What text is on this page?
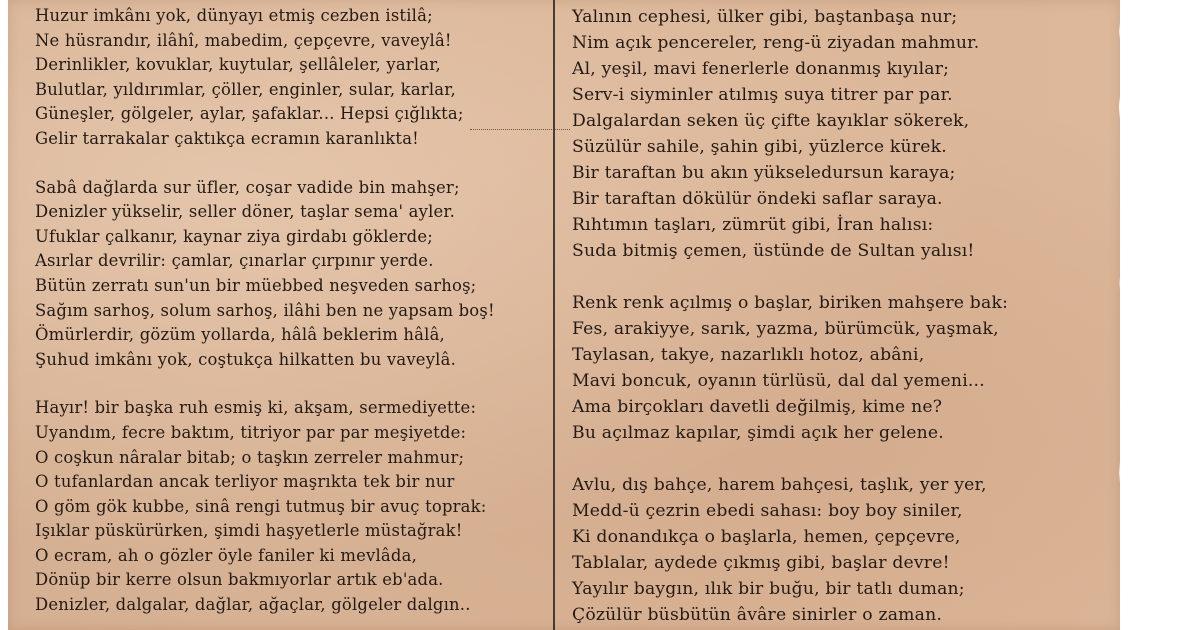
Huzur imkânı yok, dünyayı etmiş cezben istilâ;
Ne hüsrandır, ilâhî, mabedim, çepçevre, vaveylâ!
Derinlikler, kovuklar, kuytular, şellâleler, yarlar,
Bulutlar, yıldırımlar, çöller, enginler, sular, karlar,
Güneşler, gölgeler, aylar, şafaklar... Hepsi çığlıkta;
Gelir tarrakalar çaktıkça ecramın karanlıkta!
Sabâ dağlarda sur üfler, coşar vadide bin mahşer;
Denizler yükselir, seller döner, taşlar sema' ayler.
Ufuklar çalkanır, kaynar ziya girdabı göklerde;
Asırlar devrilir: çamlar, çınarlar çırpınır yerde.
Bütün zerratı sun'un bir müebbed neşveden sarhoş;
Sağım sarhoş, solum sarhoş, ilâhi ben ne yapsam boş!
Ömürlerdir, gözüm yollarda, hâlâ beklerim hâlâ,
Şuhud imkânı yok, coştukça hilkatten bu vaveylâ.
Hayır! bir başka ruh esmiş ki, akşam, sermediyette:
Uyandım, fecre baktım, titriyor par par meşiyetde:
O coşkun nâralar bitab; o taşkın zerreler mahmur;
O tufanlardan ancak terliyor maşrıkta tek bir nur
O göm gök kubbe, sinâ rengi tutmuş bir avuç toprak:
Işıklar püskürürken, şimdi haşyetlerle müstağrak!
O ecram, ah o gözler öyle faniler ki mevlâda,
Dönüp bir kerre olsun bakmıyorlar artık eb'ada.
Denizler, dalgalar, dağlar, ağaçlar, gölgeler dalgın..
Yalının cephesi, ülker gibi, baştanbaşa nur;
Nim açık pencereler, reng-ü ziyadan mahmur.
Al, yeşil, mavi fenerlerle donanmış kıyılar;
Serv-i siyminler atılmış suya titrer par par.
Dalgalardan seken üç çifte kayıklar sökerek,
Süzülür sahile, şahin gibi, yüzlerce kürek.
Bir taraftan bu akın yükseledursun karaya;
Bir taraftan dökülür öndeki saflar saraya.
Rıhtımın taşları, zümrüt gibi, İran halısı:
Suda bitmiş çemen, üstünde de Sultan yalısı!
Renk renk açılmış o başlar, biriken mahşere bak:
Fes, arakiyye, sarık, yazma, bürümcük, yaşmak,
Taylasan, takye, nazarlıklı hotoz, abâni,
Mavi boncuk, oyanın türlüsü, dal dal yemeni...
Ama birçokları davetli değilmiş, kime ne?
Bu açılmaz kapılar, şimdi açık her gelene.
Avlu, dış bahçe, harem bahçesi, taşlık, yer yer,
Medd-ü çezrin ebedi sahası: boy boy siniler,
Ki donandıkça o başlarla, hemen, çepçevre,
Tablalar, aydede çıkmış gibi, başlar devre!
Yayılır baygın, ılık bir buğu, bir tatlı duman;
Çözülür büsbütün âvâre sinirler o zaman.
